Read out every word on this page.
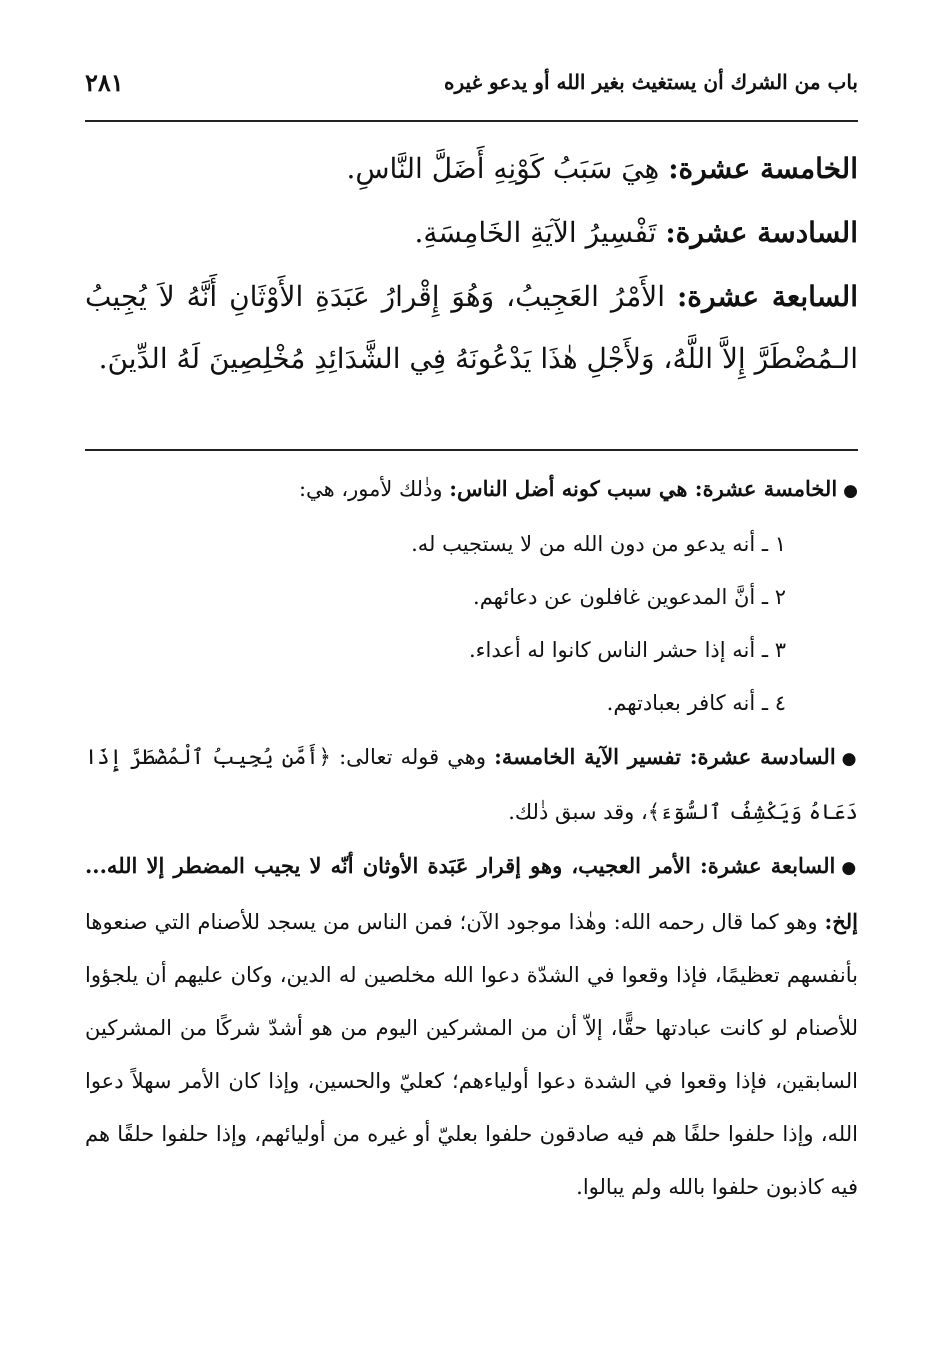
٢٨١	باب من الشرك أن يستغيث بغير الله أو يدعو غيره

الخامسة عشرة: هِيَ سَبَبُ كَوْنِهِ أَضَلَّ النَّاسِ.

السادسة عشرة: تَفْسِيرُ الآيَةِ الخَامِسَةِ.

السابعة عشرة: الأَمْرُ العَجِيبُ، وَهُوَ إِقْرارُ عَبَدَةِ الأَوْثَانِ أَنَّهُ لاَ يُجِيبُ الـمُضْطَرَّ إِلاَّ اللَّهُ، وَلأَجْلِ هٰذَا يَدْعُونَهُ فِي الشَّدَائِدِ مُخْلِصِينَ لَهُ الدِّينَ.

●الخامسة عشرة: هي سبب كونه أضل الناس: وذٰلك لأمور، هي:

١ ـ أنه يدعو من دون الله من لا يستجيب له.

٢ ـ أنَّ المدعوين غافلون عن دعائهم.

٣ ـ أنه إذا حشر الناس كانوا له أعداء.

٤ ـ أنه كافر بعبادتهم.

●السادسة عشرة: تفسير الآية الخامسة: وهي قوله تعالى: ﴿أَمَّن يُجِيبُ ٱلْمُضْطَرَّ إِذَا دَعَاهُ وَيَكْشِفُ ٱلسُّوٓءَ﴾، وقد سبق ذٰلك.

●السابعة عشرة: الأمر العجيب، وهو إقرار عَبَدة الأوثان أنّه لا يجيب المضطر إلا الله... إلخ: وهو كما قال رحمه الله: وهٰذا موجود الآن؛ فمن الناس من يسجد للأصنام التي صنعوها بأنفسهم تعظيمًا، فإذا وقعوا في الشدّة دعوا الله مخلصين له الدين، وكان عليهم أن يلجؤوا للأصنام لو كانت عبادتها حقًّا، إلاّ أن من المشركين اليوم من هو أشدّ شركًا من المشركين السابقين، فإذا وقعوا في الشدة دعوا أولياءهم؛ كعليّ والحسين، وإذا كان الأمر سهلاً دعوا الله، وإذا حلفوا حلفًا هم فيه صادقون حلفوا بعليّ أو غيره من أوليائهم، وإذا حلفوا حلفًا هم فيه كاذبون حلفوا بالله ولم يبالوا.
